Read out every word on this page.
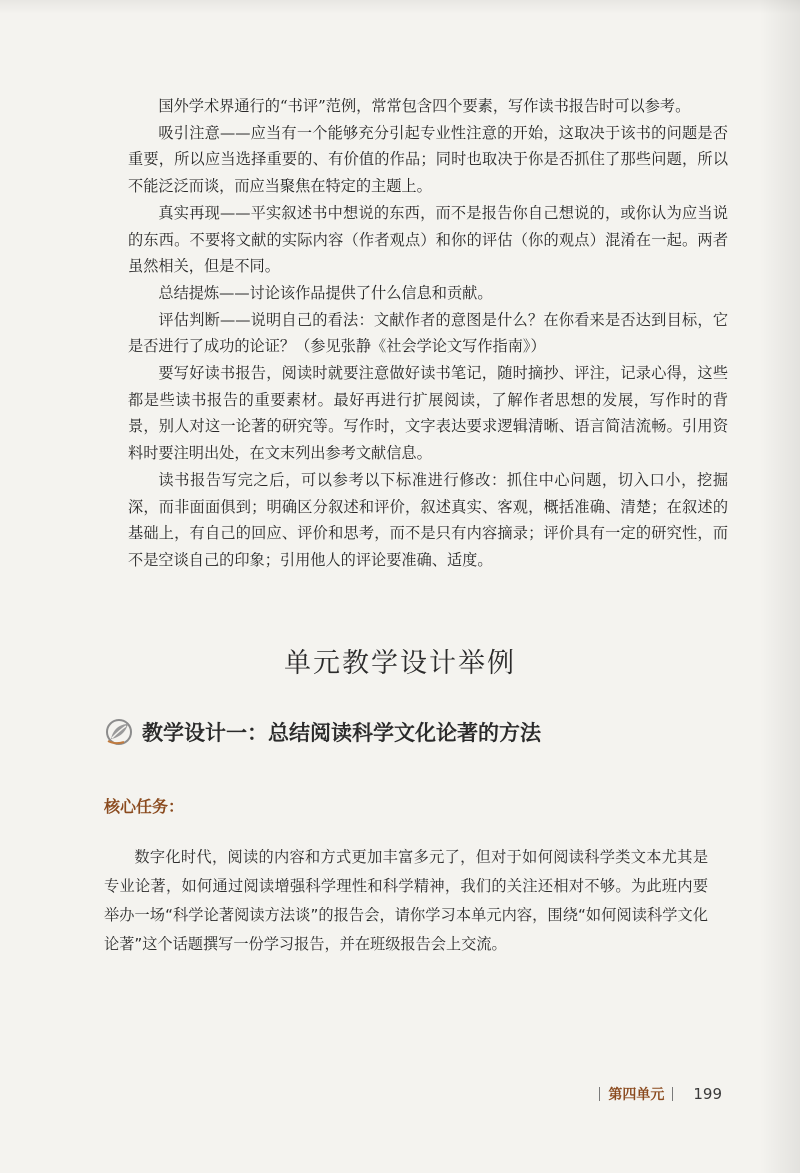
国外学术界通行的“书评”范例，常常包含四个要素，写作读书报告时可以参考。

吸引注意——应当有一个能够充分引起专业性注意的开始，这取决于该书的问题是否重要，所以应当选择重要的、有价值的作品；同时也取决于你是否抓住了那些问题，所以不能泛泛而谈，而应当聚焦在特定的主题上。

真实再现——平实叙述书中想说的东西，而不是报告你自己想说的，或你认为应当说的东西。不要将文献的实际内容（作者观点）和你的评估（你的观点）混淆在一起。两者虽然相关，但是不同。

总结提炼——讨论该作品提供了什么信息和贡献。

评估判断——说明自己的看法：文献作者的意图是什么？在你看来是否达到目标，它是否进行了成功的论证？（参见张静《社会学论文写作指南》）

要写好读书报告，阅读时就要注意做好读书笔记，随时摘抄、评注，记录心得，这些都是些读书报告的重要素材。最好再进行扩展阅读，了解作者思想的发展，写作时的背景，别人对这一论著的研究等。写作时，文字表达要求逻辑清晰、语言简洁流畅。引用资料时要注明出处，在文末列出参考文献信息。

读书报告写完之后，可以参考以下标准进行修改：抓住中心问题，切入口小，挖掘深，而非面面俱到；明确区分叙述和评价，叙述真实、客观，概括准确、清楚；在叙述的基础上，有自己的回应、评价和思考，而不是只有内容摘录；评价具有一定的研究性，而不是空谈自己的印象；引用他人的评论要准确、适度。

单元教学设计举例
教学设计一：总结阅读科学文化论著的方法
核心任务：

数字化时代，阅读的内容和方式更加丰富多元了，但对于如何阅读科学类文本尤其是专业论著，如何通过阅读增强科学理性和科学精神，我们的关注还相对不够。为此班内要举办一场“科学论著阅读方法谈”的报告会，请你学习本单元内容，围绕“如何阅读科学文化论著”这个话题撰写一份学习报告，并在班级报告会上交流。

第四单元 199
